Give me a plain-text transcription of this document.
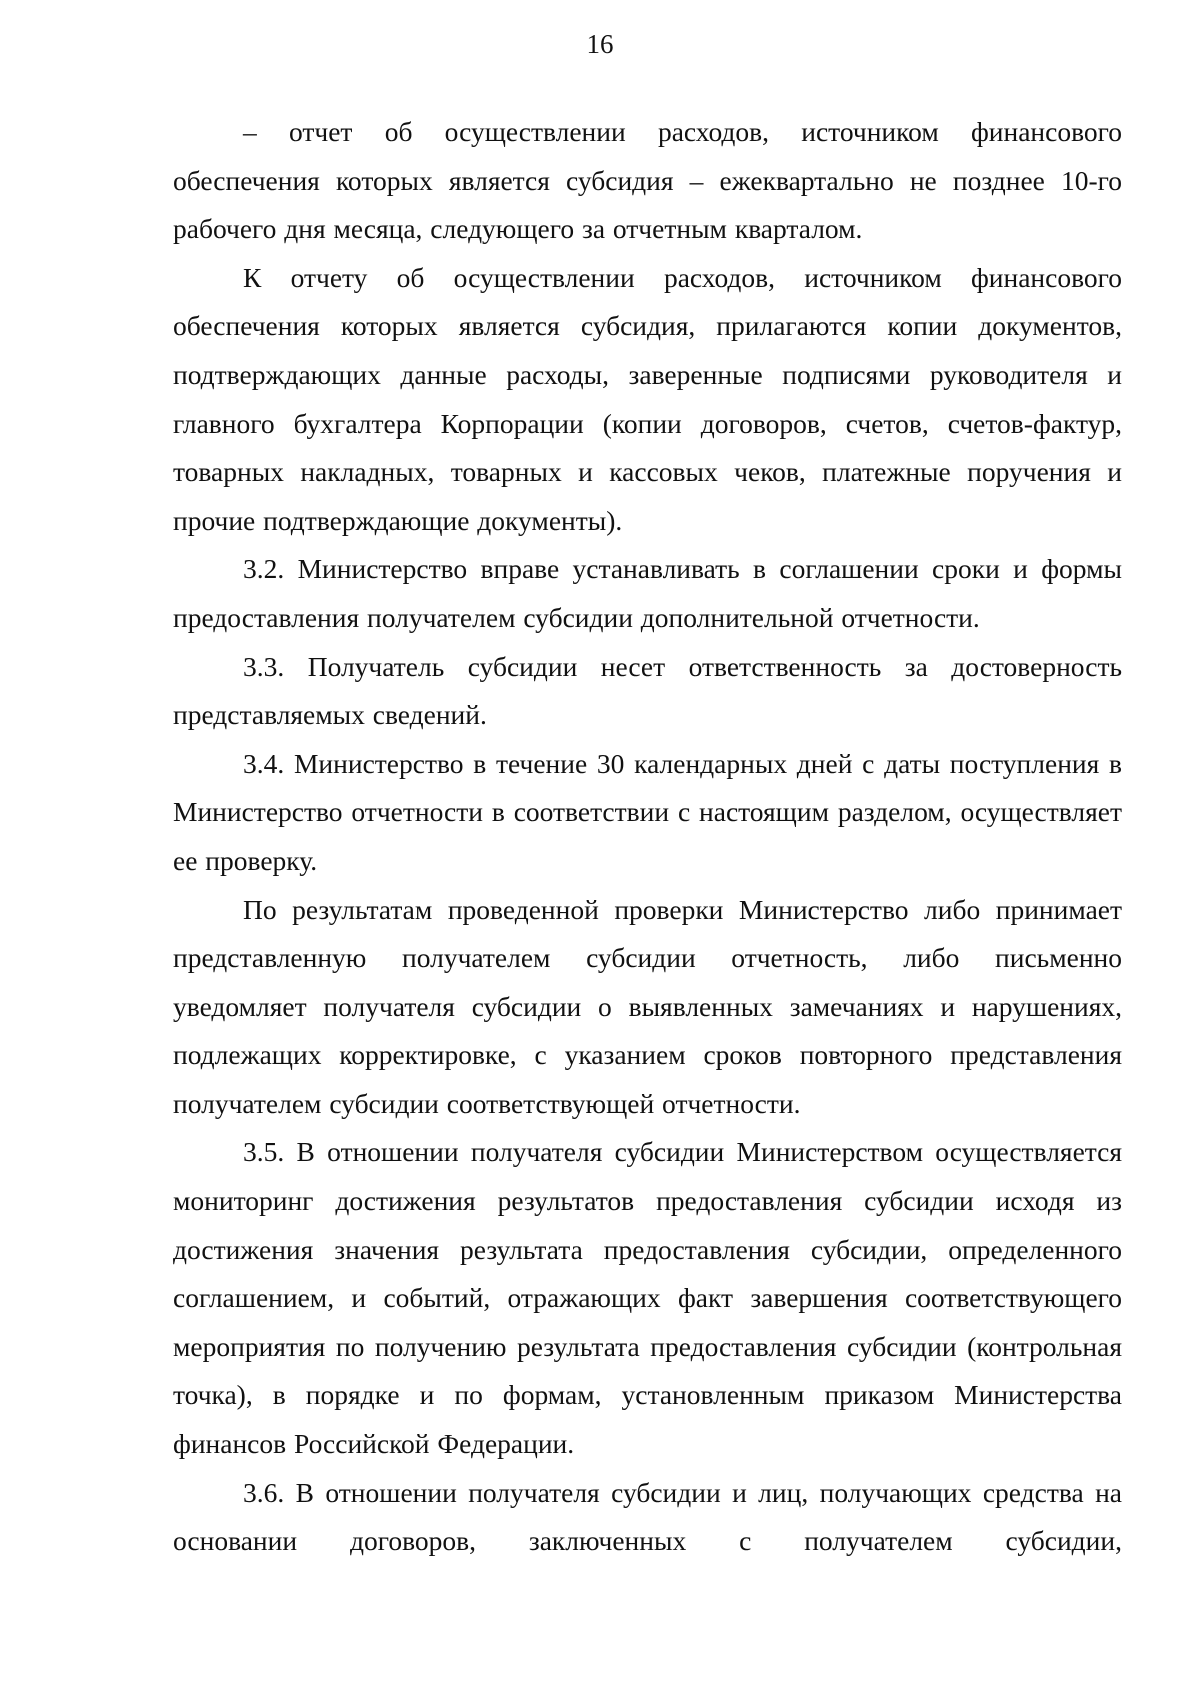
16

– отчет об осуществлении расходов, источником финансового обеспечения которых является субсидия – ежеквартально не позднее 10-го рабочего дня месяца, следующего за отчетным кварталом.

К отчету об осуществлении расходов, источником финансового обеспечения которых является субсидия, прилагаются копии документов, подтверждающих данные расходы, заверенные подписями руководителя и главного бухгалтера Корпорации (копии договоров, счетов, счетов-фактур, товарных накладных, товарных и кассовых чеков, платежные поручения и прочие подтверждающие документы).

3.2. Министерство вправе устанавливать в соглашении сроки и формы предоставления получателем субсидии дополнительной отчетности.

3.3. Получатель субсидии несет ответственность за достоверность представляемых сведений.

3.4. Министерство в течение 30 календарных дней с даты поступления в Министерство отчетности в соответствии с настоящим разделом, осуществляет ее проверку.

По результатам проведенной проверки Министерство либо принимает представленную получателем субсидии отчетность, либо письменно уведомляет получателя субсидии о выявленных замечаниях и нарушениях, подлежащих корректировке, с указанием сроков повторного представления получателем субсидии соответствующей отчетности.

3.5. В отношении получателя субсидии Министерством осуществляется мониторинг достижения результатов предоставления субсидии исходя из достижения значения результата предоставления субсидии, определенного соглашением, и событий, отражающих факт завершения соответствующего мероприятия по получению результата предоставления субсидии (контрольная точка), в порядке и по формам, установленным приказом Министерства финансов Российской Федерации.

3.6. В отношении получателя субсидии и лиц, получающих средства на основании договоров, заключенных с получателем субсидии,
